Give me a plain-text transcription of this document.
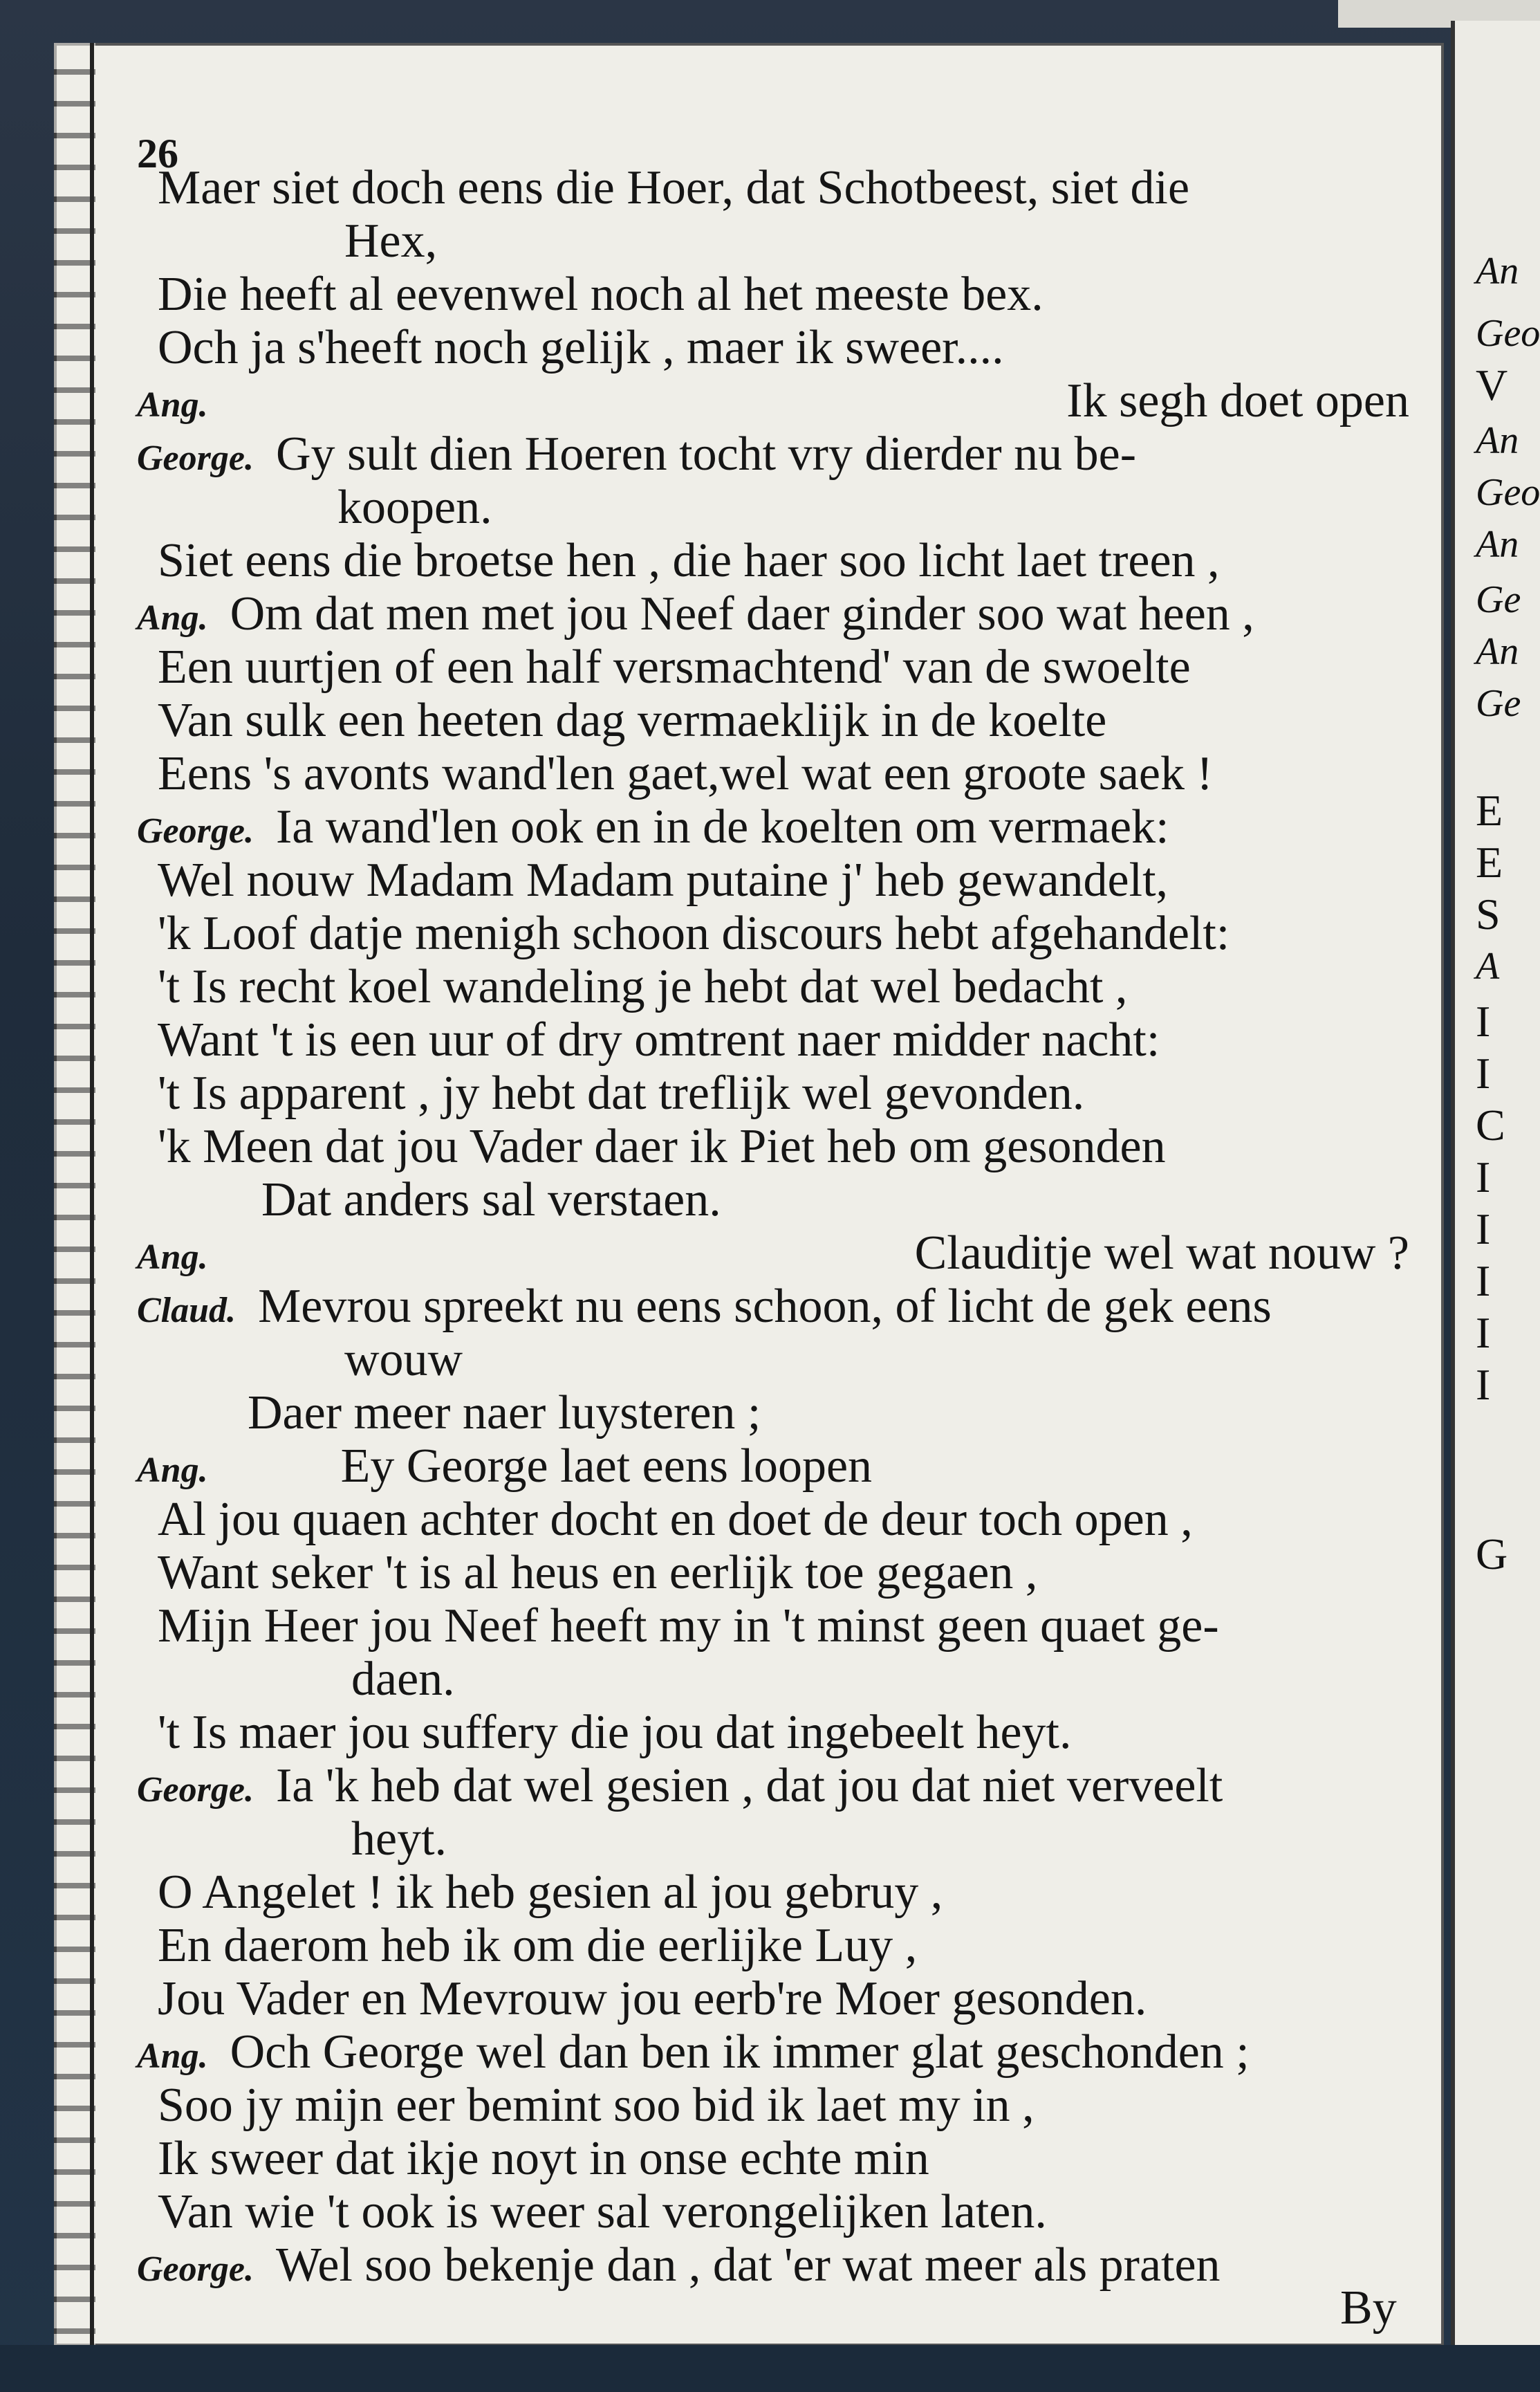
An
Geo
V
An
Geo
An
Ge
An
Ge
E
E
S
A
I
I
C
I
I
I
I
I
G
26
Maer siet doch eens die Hoer, dat Schotbeest, siet die
Hex,
Die heeft al eevenwel noch al het meeste bex.
Och ja s'heeft noch gelijk , maer ik sweer....
Ang.	Ik segh doet open
George. Gy sult dien Hoeren tocht vry dierder nu be-
koopen.
Siet eens die broetse hen , die haer soo licht laet treen ,
Ang. Om dat men met jou Neef daer ginder soo wat heen ,
Een uurtjen of een half versmachtend' van de swoelte
Van sulk een heeten dag vermaeklijk in de koelte
Eens 's avonts wand'len gaet,wel wat een groote saek !
George. Ia wand'len ook en in de koelten om vermaek:
Wel nouw Madam Madam putaine j' heb gewandelt,
'k Loof datje menigh schoon discours hebt afgehandelt:
't Is recht koel wandeling je hebt dat wel bedacht ,
Want 't is een uur of dry omtrent naer midder nacht:
't Is apparent , jy hebt dat treflijk wel gevonden.
'k Meen dat jou Vader daer ik Piet heb om gesonden
Dat anders sal verstaen.
Ang.	Clauditje wel wat nouw ?
Claud. Mevrou spreekt nu eens schoon, of licht de gek eens
wouw
Daer meer naer luysteren ;
Ang.	Ey George laet eens loopen
Al jou quaen achter docht en doet de deur toch open ,
Want seker 't is al heus en eerlijk toe gegaen ,
Mijn Heer jou Neef heeft my in 't minst geen quaet ge-
daen.
't Is maer jou suffery die jou dat ingebeelt heyt.
George. Ia 'k heb dat wel gesien , dat jou dat niet verveelt
heyt.
O Angelet ! ik heb gesien al jou gebruy ,
En daerom heb ik om die eerlijke Luy ,
Jou Vader en Mevrouw jou eerb're Moer gesonden.
Ang. Och George wel dan ben ik immer glat geschonden ;
Soo jy mijn eer bemint soo bid ik laet my in ,
Ik sweer dat ikje noyt in onse echte min
Van wie 't ook is weer sal verongelijken laten.
George. Wel soo bekenje dan , dat 'er wat meer als praten
By
